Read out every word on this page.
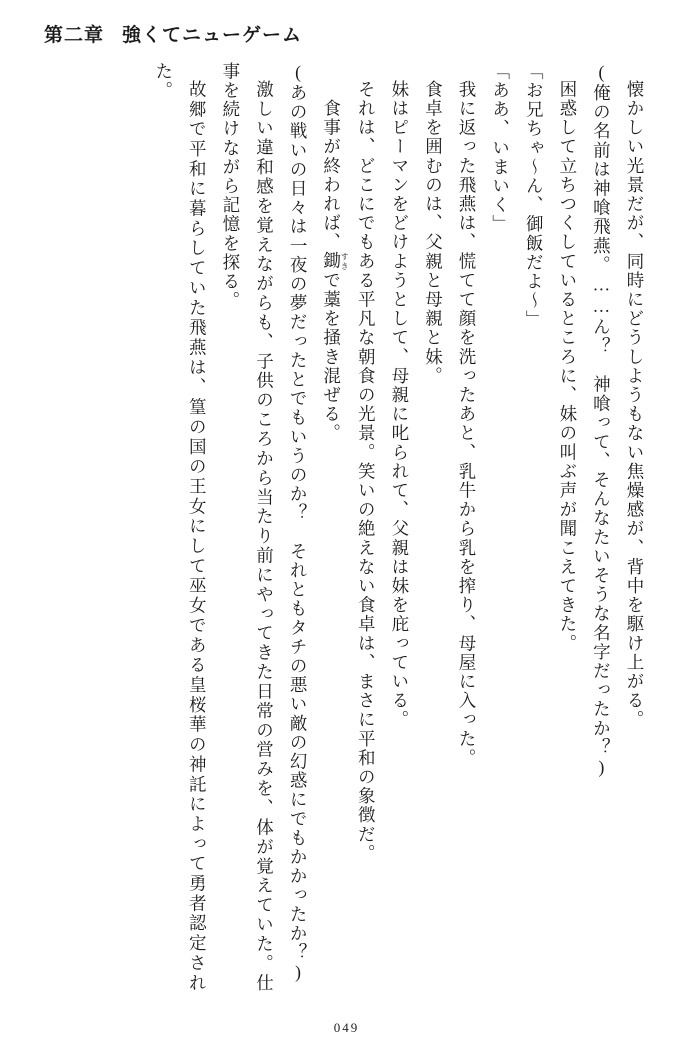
第二章 強くてニューゲーム

懐かしい光景だが、同時にどうしようもない焦燥感が、背中を駆け上がる。

(俺の名前は神喰飛燕。……ん？　神喰って、そんなたいそうな名字だったか？)

困惑して立ちつくしているところに、妹の叫ぶ声が聞こえてきた。

「お兄ちゃ～ん、御飯だよ～」

「ああ、いまいく」

我に返った飛燕は、慌てて顔を洗ったあと、乳牛から乳を搾り、母屋に入った。

食卓を囲むのは、父親と母親と妹。

妹はピーマンをどけようとして、母親に叱られて、父親は妹を庇っている。

それは、どこにでもある平凡な朝食の光景。笑いの絶えない食卓は、まさに平和の象徴だ。

　食事が終われば、鋤すきで藁を掻き混ぜる。

(あの戦いの日々は一夜の夢だったとでもいうのか？　それともタチの悪い敵の幻惑にでもかかったか？)

激しい違和感を覚えながらも、子供のころから当たり前にやってきた日常の営みを、体が覚えていた。仕事を続けながら記憶を探る。

故郷で平和に暮らしていた飛燕は、篁の国の王女にして巫女である皇桜華の神託によって勇者認定された。

049
